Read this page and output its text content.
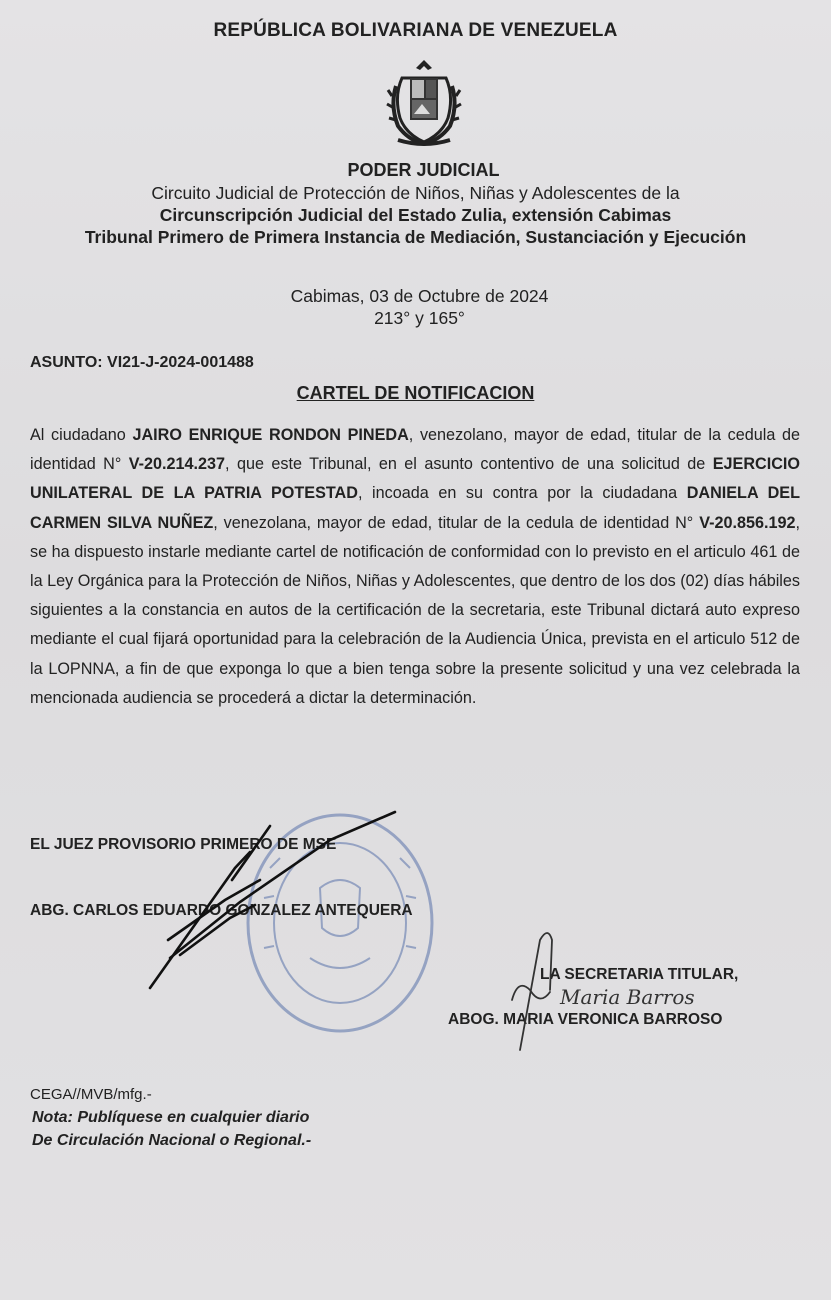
REPÚBLICA BOLIVARIANA DE VENEZUELA
PODER JUDICIAL
Circuito Judicial de Protección de Niños, Niñas y Adolescentes de la
Circunscripción Judicial del Estado Zulia, extensión Cabimas
Tribunal Primero de Primera Instancia de Mediación, Sustanciación y Ejecución
Cabimas, 03 de Octubre de 2024
213° y 165°
ASUNTO: VI21-J-2024-001488
CARTEL DE NOTIFICACION
Al ciudadano JAIRO ENRIQUE RONDON PINEDA, venezolano, mayor de edad, titular de la cedula de identidad N° V-20.214.237, que este Tribunal, en el asunto contentivo de una solicitud de EJERCICIO UNILATERAL DE LA PATRIA POTESTAD, incoada en su contra por la ciudadana DANIELA DEL CARMEN SILVA NUÑEZ, venezolana, mayor de edad, titular de la cedula de identidad N° V-20.856.192, se ha dispuesto instarle mediante cartel de notificación de conformidad con lo previsto en el articulo 461 de la Ley Orgánica para la Protección de Niños, Niñas y Adolescentes, que dentro de los dos (02) días hábiles siguientes a la constancia en autos de la certificación de la secretaria, este Tribunal dictará auto expreso mediante el cual fijará oportunidad para la celebración de la Audiencia Única, prevista en el articulo 512 de la LOPNNA, a fin de que exponga lo que a bien tenga sobre la presente solicitud y una vez celebrada la mencionada audiencia se procederá a dictar la determinación.
EL JUEZ PROVISORIO PRIMERO DE MSE
ABG. CARLOS EDUARDO GONZALEZ ANTEQUERA
LA SECRETARIA TITULAR,
ABOG. MARIA VERONICA BARROSO
Maria Barros
CEGA//MVB/mfg.-
Nota: Publíquese en cualquier diario
De Circulación Nacional o Regional.-
